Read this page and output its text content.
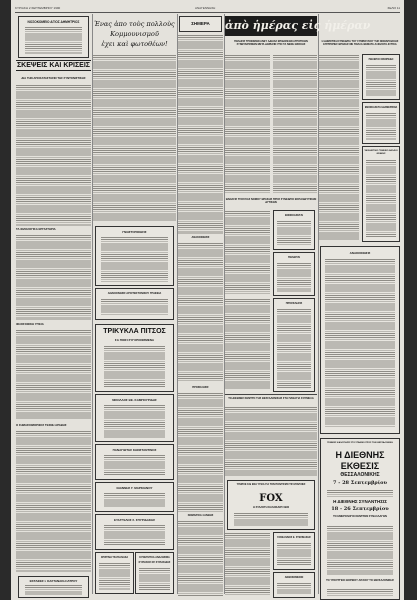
ΚΥΡΙΑΚΗ 2 ΣΕΠΤΕΜΒΡΙΟΥ 1990	ΑΝΑΓΕΝΝΗΣΗ	ΣΕΛΙΣ 11
ΝΟΣΟΚΟΜΕΙΟ ΑΓΙΟΣ ΔΗΜΗΤΡΙΟΣ
ΣΚΕΨΕΙΣ ΚΑΙ ΚΡΙΣΕΙΣ
ΔΙΑ ΤΗΝ ΑΠΟΚΑΤΑΣΤΑΣΙΝ ΤΗΣ ΣΥΝΤΟΝΙΣΤΙΚΗΣ
ΤΑ ΦΙΛΟΛΟΓΙΚΑ ΕΡΓΑΣΤΗΡΙΑ
ΦΙΛΟΣΟΦΙΚΗ ΥΓΙΕΙΑ
Ο ΣΗΜΑΣΙΟΜΟΡΦΟΣ ΤΕΧΝΗ ΑΡΑΒΗΣ
ΕΚΤΑΦΕΣ Ι. ΚΑΣΤΑΝΑΚΗ ΙΑΤΡΟΥ
Ἑνας ἀπο τοὺς πολλοὺς
Κομμουνισμοῦ
ἐχει καὶ φωτοθέων!
ΓΝΩΣΤΟΠΟΙΗΣΙΣ
ΑΝΑΚΟΙΝΩΣΙΣ ΑΡΧΙΤΕΚΤΟΝΙΚΟΥ ΓΡΑΦΕΙΑ
ΤΡΙΚΥΚΛΑ ΠΙΤΣΟΣ
ΣΑ ΠΙΟΣΙ ΣΥΓΧΡΟΝΙΣΜΕΝΑ
ΝΙΚΟΛΑΟΣ ΘΕ. ΚΑΜΠΟΥΡΙΔΗΣ
ΠΑΝΑΓΙΩΤΗΣ ΚΩΝΣΤΑΝΤΙΝΟΣ
ΙΩΑΝΝΗΣ Γ. ΜΑΡΚΙΑΝΟΥ
ΕΥΑΓΓΕΛΟΣ Σ. ΣΠΥΡΙΔΑΚΗΣ
ΧΡΙΣΤΙΝΗ ΤΣΑΠΗ-ΝΑΚΑ	ΚΥΝΗΓΕΤΙΚΑ ΑΝΑΛΩΣΙΜΑ
ΚΥΡΙΑΚΟΣ ΧΡ. ΚΥΡΙΑΚΙΔΗΣ
ΣΗΜΕΡΑ
ΑΝΑΚΟΙΝΩΣΙΣ
ΠΡΟΣΚΛΗΣΙΣ
ΝΟΜΑΡΧΙΑ ΞΑΝΘΗΣ
ἀπὸ ἡμέρας εἰς ἡμέραν
ΠΩΛΗΣΙΣ ΤΡΟΦΙΜΩΝ ΑΝΕΥ ΑΔΕΙΑΣ ΕΠΙΔΟΣΕΩΝ ΑΓΡΟΤΙΚΩΝ ΣΥΝΕΤΑΙΡΙΣΜΩΝ ΜΕΤΑ ΔΩΡΗΣΙΝ ΥΠΟ ΤΑ ΝΕΦΗ ΘΡΑΚΗΣ
ΘΑΝΑΣΙΣ ΤΣΟΥΛΙΑΣ ΝΟΜΟΥ ΘΡΑΚΗΣ ΠΡΟΣ ΣΥΝΕΔΡΙΟ ΕΚΠΑΙΔΕΥΤΙΚΩΝ ΔΥΤΙΚΩΝ
ΕΝΟΙΚΙΑΖΕΤΑΙ
ΠΩΛΕΙΤΑΙ
ΠΡΟΣΚΛΗΣΙΣ
ΤΟ ΔΙΕΘΝΕΣ ΚΕΝΤΡΟ ΤΗΣ ΘΕΣΣΑΛΟΝΙΚΗΣ ΣΤΗ ΠΑΝΑΓΙΑ ΣΟΥΜΕΛΑ
ΥΠΗΡΧΕ ΚΑΙ ΕΝΑ ΥΓΕΙΑ ΓΙΑ ΤΟΝ ΠΟΛΙΤΙΣΜΟ ΤΙΣ ΕΠΑΡΧΙΕΣ
FOX
Η ΣΥΛΛΟΓΗ ΚΑΛΟΚΑΙΡΙ 1990
ΓΑΡΔΑΛΙΝΟΣ Ε. ΣΤΕΣΙΝΑΚΗΣ
ΑΝΘΟΚΟΜΕΙΟΝ
Η ΔΗΜΟΤΙΚΗ ΣΥΝΕΔΡΙΑ ΤΟΥ ΣΥΜΒΟΥΛΙΟΥ ΤΗΣ ΝΟΜΑΡΧΙΑΚΗΣ ΕΠΙΤΡΟΠΗΣ ΘΡΑΚΗΣ ΜΕ ΠΟΛΛΑ ΘΕΜΑΤΑ ΑΞΙΟΛΟΓΑ ΔΥΤΙΚΑ
ΠΩΛΕΙΤΑΙ ΟΙΚΟΠΕΔΟ
ΕΝΟΙΚΙΑΖΕΤΑΙ ΔΙΑΜΕΡΙΣΜΑ
ΤΑΞΙΔΙΩΤΙΚΟ ΓΡΑΦΕΙΟ ΔΕΛΦΟΙ ΘΡΑΚΗΣ
ΑΝΑΚΟΙΝΩΣΙΣ
ΓΕΝΙΚΕΣ ΚΑΛΟΓΙΑΣΙΣ ΣΤΟ ΣΤΑΘΜΟ ΠΡΟΣ ΤΗΝ ΘΕΣΣΑΛΟΝΙΚΗ
Η ΔΙΕΘΝΗΣ
ΕΚΘΕΣΙΣ
ΘΕΣΣΑΛΟΝΙΚΗΣ
7 - 28 Σεπτεμβρίου
Η ΔΙΕΘΝΗΣ ΣΥΝΑΝΤΗΣΙΣ
18 - 26 Σεπτεμβρίου
ΤΟ ΗΜΕΡΟΛΟΓΙΟ ΚΕΝΤΡΩΝ ΣΥΝΑΛΛΑΓΩΝ
ΤΟ ΥΠΟΥΡΓΕΙΟ ΒΟΡΕΙΟΥ ΑΙΓΑΙΟΥ ΤΟ ΘΕΣΣΑΛΟΝΙΚΗΣ
